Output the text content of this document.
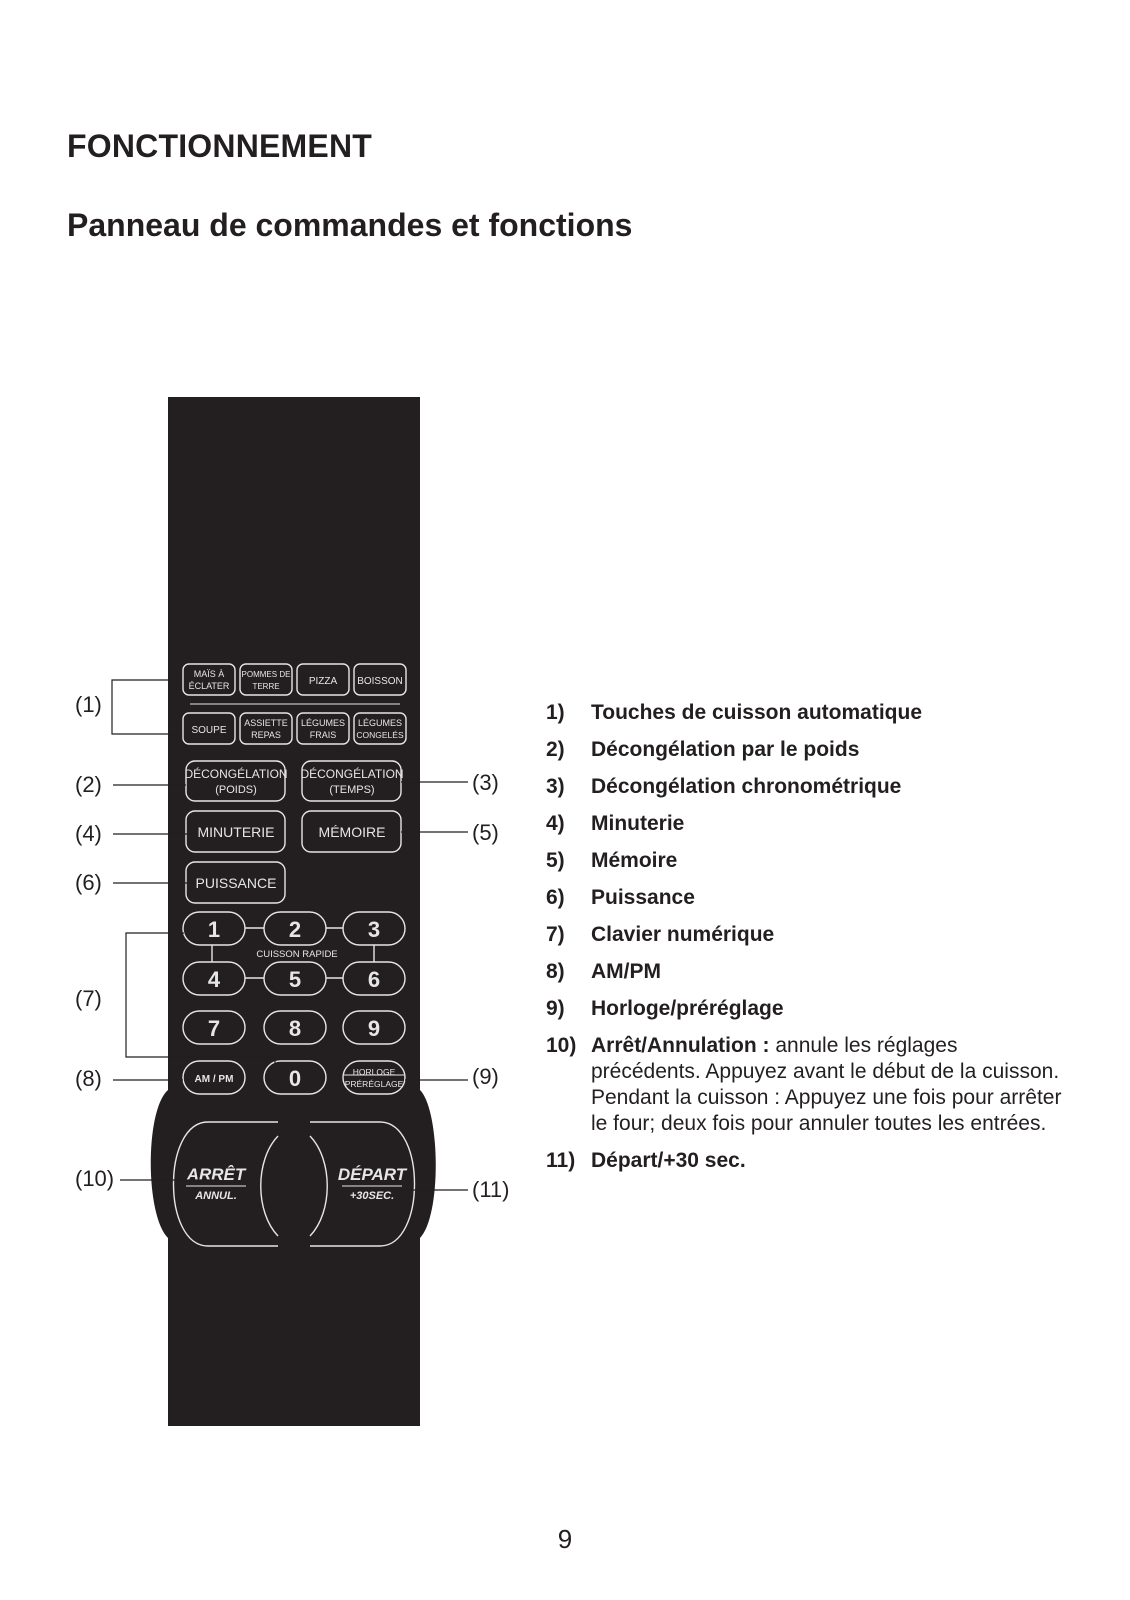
FONCTIONNEMENT
Panneau de commandes et fonctions
MAÏS À
ÉCLATER
POMMES DE
TERRE	PIZZA BOISSON
SOUPE
ASSIETTE
REPAS
LÉGUMES
FRAIS
LÉGUMES
CONGELÉS
DÉCONGÉLATION
(POIDS)
DÉCONGÉLATION
(TEMPS)
MINUTERIE	MÉMOIRE
PUISSANCE
1	2	3
CUISSON RAPIDE
4	5	6
7	8	9
AM / PM	0	HORLOGE
PRÉRÉGLAGE
ARRÊT
ANNUL.
DÉPART
+30SEC.
(1)
(2)	(3)
(4)	(5)
(6)
(7)
(8)	(9)
(10)	(11)
1)	Touches de cuisson automatique
2)	Décongélation par le poids
3)	Décongélation chronométrique
4)	Minuterie
5)	Mémoire
6)	Puissance
7)	Clavier numérique
8)	AM/PM
9)	Horloge/préréglage
10) Arrêt/Annulation : annule les réglages précédents. Appuyez avant le début de la cuisson. Pendant la cuisson : Appuyez une fois pour arrêter le four; deux fois pour annuler toutes les entrées.
11) Départ/+30 sec.
9
